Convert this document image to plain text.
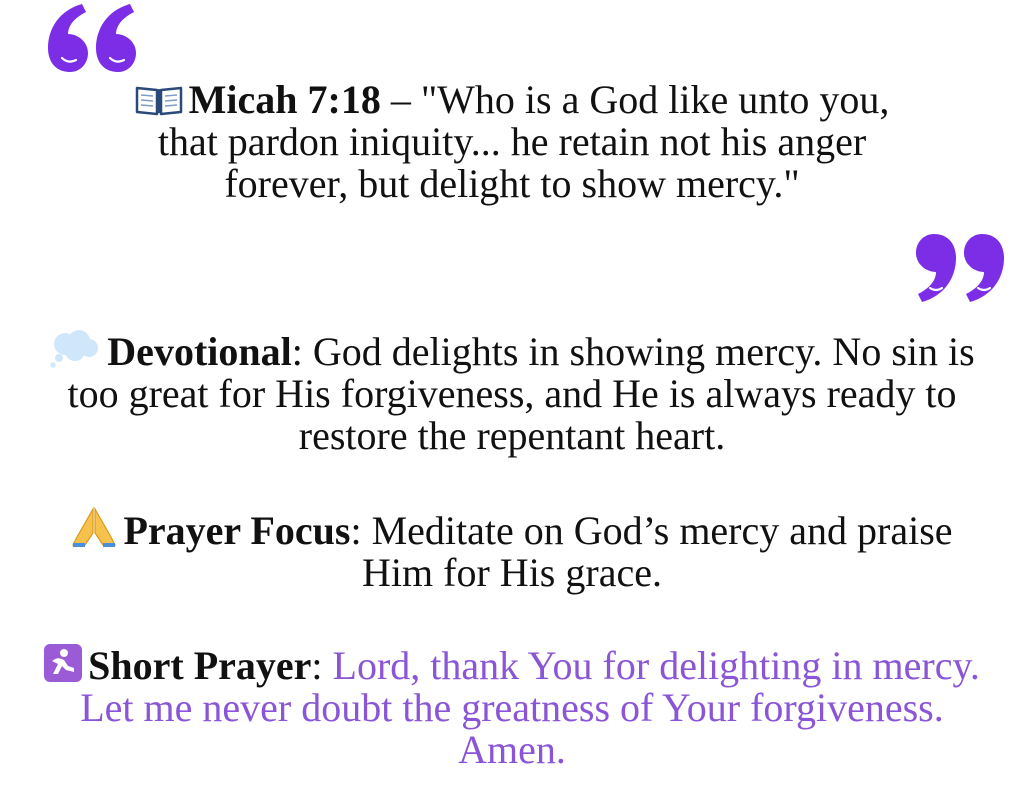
Micah 7:18 – "Who is a God like unto you,
that pardon iniquity... he retain not his anger
forever, but delight to show mercy."
Devotional: God delights in showing mercy. No sin is
too great for His forgiveness, and He is always ready to
restore the repentant heart.
Prayer Focus: Meditate on God’s mercy and praise
Him for His grace.
Short Prayer: Lord, thank You for delighting in mercy.
Let me never doubt the greatness of Your forgiveness.
Amen.
